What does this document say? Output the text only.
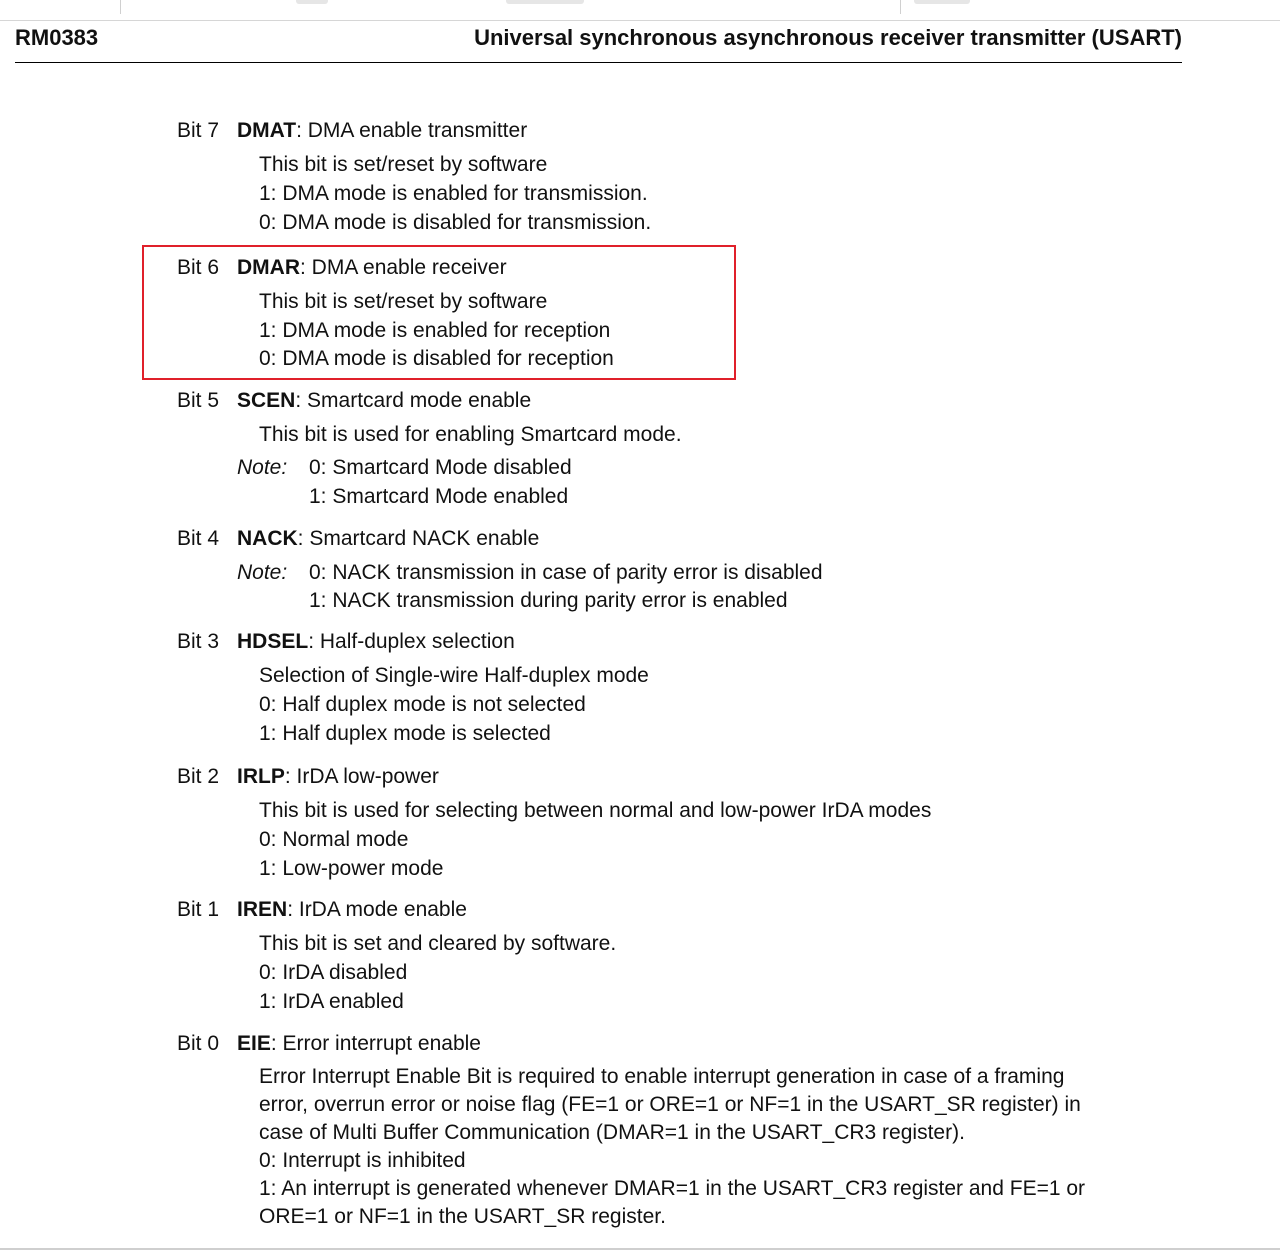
RM0383	Universal synchronous asynchronous receiver transmitter (USART)
Bit 7 DMAT: DMA enable transmitter
This bit is set/reset by software
1: DMA mode is enabled for transmission.
0: DMA mode is disabled for transmission.
Bit 6 DMAR: DMA enable receiver
This bit is set/reset by software
1: DMA mode is enabled for reception
0: DMA mode is disabled for reception
Bit 5 SCEN: Smartcard mode enable
This bit is used for enabling Smartcard mode.
Note: 0: Smartcard Mode disabled
1: Smartcard Mode enabled
Bit 4 NACK: Smartcard NACK enable
Note: 0: NACK transmission in case of parity error is disabled
1: NACK transmission during parity error is enabled
Bit 3 HDSEL: Half-duplex selection
Selection of Single-wire Half-duplex mode
0: Half duplex mode is not selected
1: Half duplex mode is selected
Bit 2 IRLP: IrDA low-power
This bit is used for selecting between normal and low-power IrDA modes
0: Normal mode
1: Low-power mode
Bit 1 IREN: IrDA mode enable
This bit is set and cleared by software.
0: IrDA disabled
1: IrDA enabled
Bit 0 EIE: Error interrupt enable
Error Interrupt Enable Bit is required to enable interrupt generation in case of a framing
error, overrun error or noise flag (FE=1 or ORE=1 or NF=1 in the USART_SR register) in
case of Multi Buffer Communication (DMAR=1 in the USART_CR3 register).
0: Interrupt is inhibited
1: An interrupt is generated whenever DMAR=1 in the USART_CR3 register and FE=1 or
ORE=1 or NF=1 in the USART_SR register.
